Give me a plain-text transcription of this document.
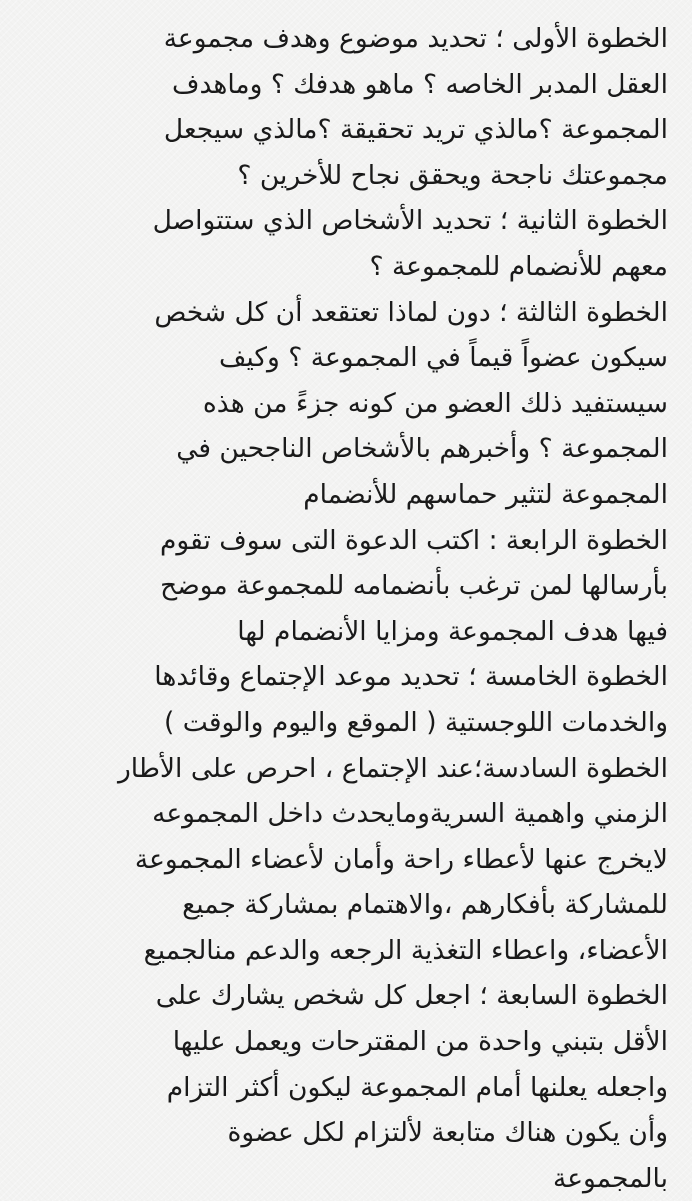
الخطوة الأولى ؛ تحديد موضوع وهدف مجموعة
العقل المدبر الخاصه ؟ ماهو هدفك ؟ وماهدف
المجموعة ؟مالذي تريد تحقيقة ؟مالذي سيجعل
مجموعتك ناجحة ويحقق نجاح للأخرين ؟
الخطوة الثانية ؛ تحديد الأشخاص الذي ستتواصل
معهم للأنضمام للمجموعة ؟
الخطوة الثالثة ؛ دون لماذا تعتقعد أن كل شخص
سيكون عضواً قيماً في المجموعة ؟ وكيف
سيستفيد ذلك العضو من كونه جزءً من هذه
المجموعة ؟ وأخبرهم بالأشخاص الناجحين في
المجموعة لتثير حماسهم للأنضمام
الخطوة الرابعة : اكتب الدعوة التى سوف تقوم
بأرسالها لمن ترغب بأنضمامه للمجموعة موضح
فيها هدف المجموعة ومزايا الأنضمام لها
الخطوة الخامسة ؛ تحديد موعد الإجتماع وقائدها
والخدمات اللوجستية ( الموقع واليوم والوقت )
الخطوة السادسة؛عند الإجتماع ، احرص على الأطار
الزمني واهمية السريةومايحدث داخل المجموعه
لايخرج عنها لأعطاء راحة وأمان لأعضاء المجموعة
للمشاركة بأفكارهم ،والاهتمام بمشاركة جميع
الأعضاء، واعطاء التغذية الرجعه والدعم منالجميع
الخطوة السابعة ؛ اجعل كل شخص يشارك على
الأقل بتبني واحدة من المقترحات ويعمل عليها
واجعله يعلنها أمام المجموعة ليكون أكثر التزام
وأن يكون هناك متابعة لألتزام لكل عضوة
بالمجموعة
